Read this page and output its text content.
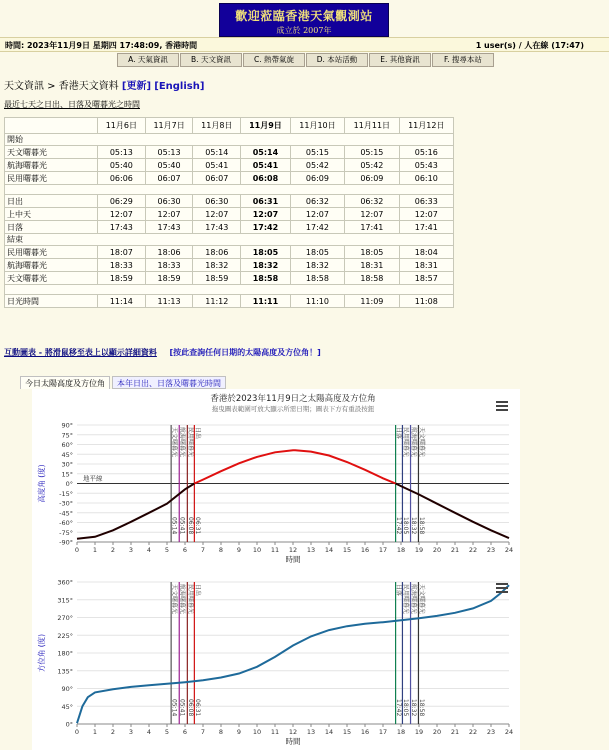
歡迎蒞臨香港天氣觀測站
成立於 2007年
時間: 2023年11月9日 星期四 17:48:09, 香港時間	1 user(s) / 人在線 (17:47)
A. 天氣資訊	B. 天文資訊	C. 熱帶氣旋	D. 本站活動	E. 其他資訊	F. 搜尋本站
天文資訊 > 香港天文資料 [更新] [English]
最近七天之日出、日落及曙暮光之時間
	11月6日	11月7日	11月8日	11月9日	11月10日	11月11日	11月12日
開始							
天文曙暮光	05:13	05:13	05:14	05:14	05:15	05:15	05:16
航海曙暮光	05:40	05:40	05:41	05:41	05:42	05:42	05:43
民用曙暮光	06:06	06:07	06:07	06:08	06:09	06:09	06:10

日出	06:29	06:30	06:30	06:31	06:32	06:32	06:33
上中天	12:07	12:07	12:07	12:07	12:07	12:07	12:07
日落	17:43	17:43	17:43	17:42	17:42	17:41	17:41
結束							
民用曙暮光	18:07	18:06	18:06	18:05	18:05	18:05	18:04
航海曙暮光	18:33	18:33	18:32	18:32	18:32	18:31	18:31
天文曙暮光	18:59	18:59	18:59	18:58	18:58	18:58	18:57

日光時間	11:14	11:13	11:12	11:11	11:10	11:09	11:08
互動圖表 - 將滑鼠移至表上以顯示詳細資料 [按此查詢任何日期的太陽高度及方位角！]
今日太陽高度及方位角	本年日出、日落及曙暮光時間
香港於2023年11月9日之太陽高度及方位角
拖曳圖表範圍可放大顯示所需日期；圖表下方有重設按鈕
90°
75°
60°
45°
30°
15°
0°
-15°
-30°
-45°
-60°
-75°
-90°
0 1 2 3 4 5 6 7 8 9 10 11 12 13 14 15 16 17 18 19 20 21 22 23 24
時間
高度角 (度)	地平線
天文曙暮光
05:14
航海曙暮光
05:41
民用曙暮光
06:08
日出
06:31
日落
17:42
民用曙暮光
18:05
航海曙暮光
18:32
天文曙暮光
18:58
360°
315°
270°
225°
180°
135°
90°
45°
0°
0 1 2 3 4 5 6 7 8 9 10 11 12 13 14 15 16 17 18 19 20 21 22 23 24
時間
方位角 (度)
天文曙暮光
05:14
航海曙暮光
05:41
民用曙暮光
06:08
日出
06:31
日落
17:42
民用曙暮光
18:05
航海曙暮光
18:32
天文曙暮光
18:58
